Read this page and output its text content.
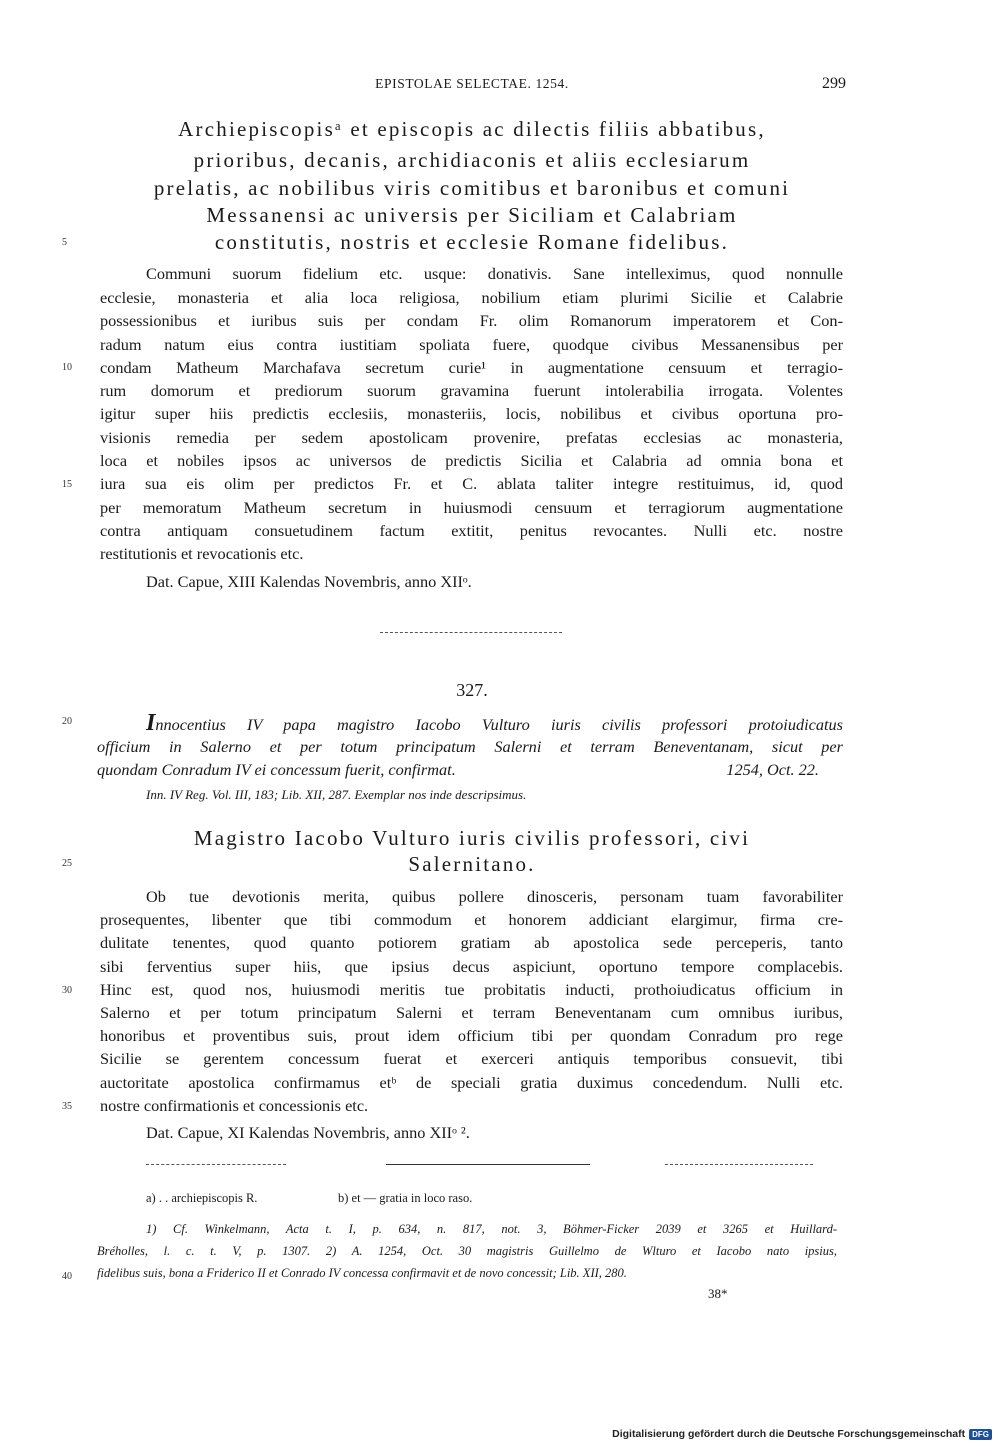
EPISTOLAE SELECTAE. 1254.	299
Archiepiscopisᵃ et episcopis ac dilectis filiis abbatibus,
prioribus, decanis, archidiaconis et aliis ecclesiarum
prelatis, ac nobilibus viris comitibus et baronibus et comuni
Messanensi ac universis per Siciliam et Calabriam
constitutis, nostris et ecclesie Romane fidelibus.
Communi suorum fidelium etc. usque: donativis. Sane intelleximus, quod nonnulle
ecclesie, monasteria et alia loca religiosa, nobilium etiam plurimi Sicilie et Calabrie
possessionibus et iuribus suis per condam Fr. olim Romanorum imperatorem et Con-
radum natum eius contra iustitiam spoliata fuere, quodque civibus Messanensibus per
condam Matheum Marchafava secretum curie¹ in augmentatione censuum et terragio-
rum domorum et prediorum suorum gravamina fuerunt intolerabilia irrogata. Volentes
igitur super hiis predictis ecclesiis, monasteriis, locis, nobilibus et civibus oportuna pro-
visionis remedia per sedem apostolicam provenire, prefatas ecclesias ac monasteria,
loca et nobiles ipsos ac universos de predictis Sicilia et Calabria ad omnia bona et
iura sua eis olim per predictos Fr. et C. ablata taliter integre restituimus, id, quod
per memoratum Matheum secretum in huiusmodi censuum et terragiorum augmentatione
contra antiquam consuetudinem factum extitit, penitus revocantes. Nulli etc. nostre
restitutionis et revocationis etc.
Dat. Capue, XIII Kalendas Novembris, anno XIIᵒ.
327.
Innocentius IV papa magistro Iacobo Vulturo iuris civilis professori protoiudicatus
officium in Salerno et per totum principatum Salerni et terram Beneventanam, sicut per
quondam Conradum IV ei concessum fuerit, confirmat.	1254, Oct. 22.
Inn. IV Reg. Vol. III, 183; Lib. XII, 287. Exemplar nos inde descripsimus.
Magistro Iacobo Vulturo iuris civilis professori, civi
Salernitano.
Ob tue devotionis merita, quibus pollere dinosceris, personam tuam favorabiliter
prosequentes, libenter que tibi commodum et honorem addiciant elargimur, firma cre-
dulitate tenentes, quod quanto potiorem gratiam ab apostolica sede perceperis, tanto
sibi ferventius super hiis, que ipsius decus aspiciunt, oportuno tempore complacebis.
Hinc est, quod nos, huiusmodi meritis tue probitatis inducti, prothoiudicatus officium in
Salerno et per totum principatum Salerni et terram Beneventanam cum omnibus iuribus,
honoribus et proventibus suis, prout idem officium tibi per quondam Conradum pro rege
Sicilie se gerentem concessum fuerat et exerceri antiquis temporibus consuevit, tibi
auctoritate apostolica confirmamus etᵇ de speciali gratia duximus concedendum. Nulli etc.
nostre confirmationis et concessionis etc.
Dat. Capue, XI Kalendas Novembris, anno XIIᵒ ².
a) . . archiepiscopis R.	b) et — gratia in loco raso.
1) Cf. Winkelmann, Acta t. I, p. 634, n. 817, not. 3, Böhmer-Ficker 2039 et 3265 et Huillard-
Bréholles, l. c. t. V, p. 1307. 2) A. 1254, Oct. 30 magistris Guillelmo de Wlturo et Iacobo nato ipsius,
fidelibus suis, bona a Friderico II et Conrado IV concessa confirmavit et de novo concessit; Lib. XII, 280.
38*
5
10
15
20
25
30
35
40
Digitalisierung gefördert durch die Deutsche Forschungsgemeinschaft DFG
